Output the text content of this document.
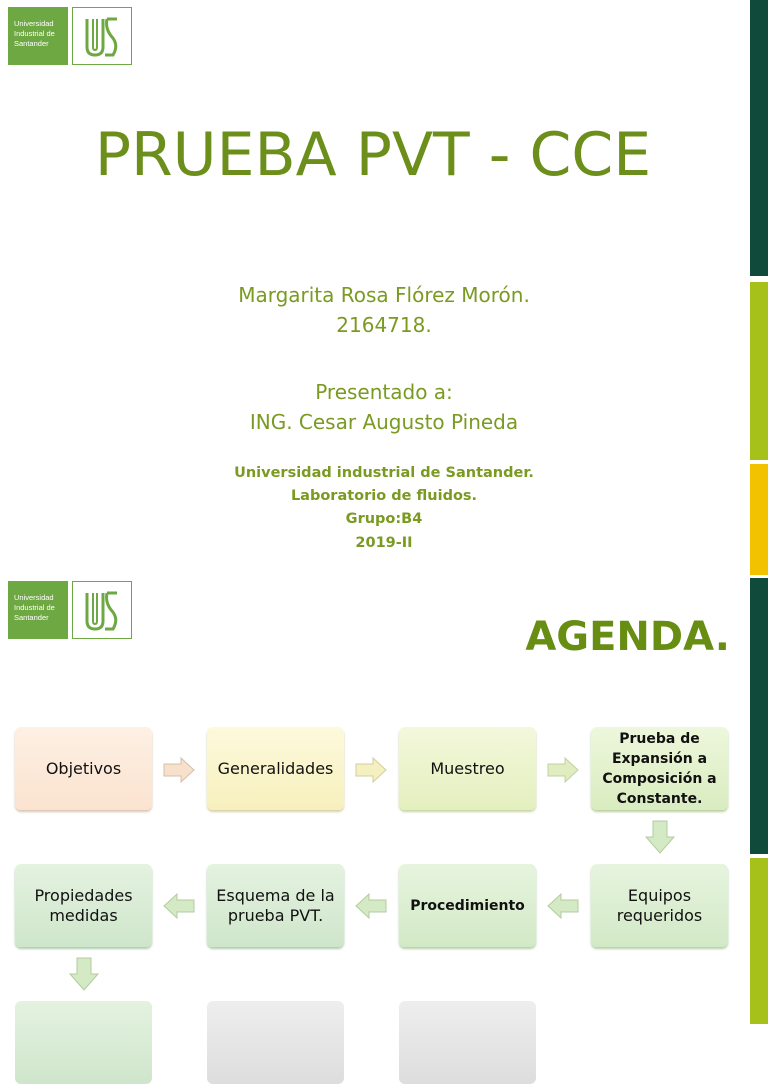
Universidad
Industrial de
Santander
PRUEBA PVT - CCE
Margarita Rosa Flórez Morón.
2164718.
Presentado a:
ING. Cesar Augusto Pineda
Universidad industrial de Santander.
Laboratorio de fluidos.
Grupo:B4
2019-II
Universidad
Industrial de
Santander	AGENDA.
Objetivos	Generalidades	Muestreo
Prueba de Expansión a Composición a Constante.
Propiedades medidas
Esquema de la prueba PVT.	Procedimiento
Equipos requeridos
